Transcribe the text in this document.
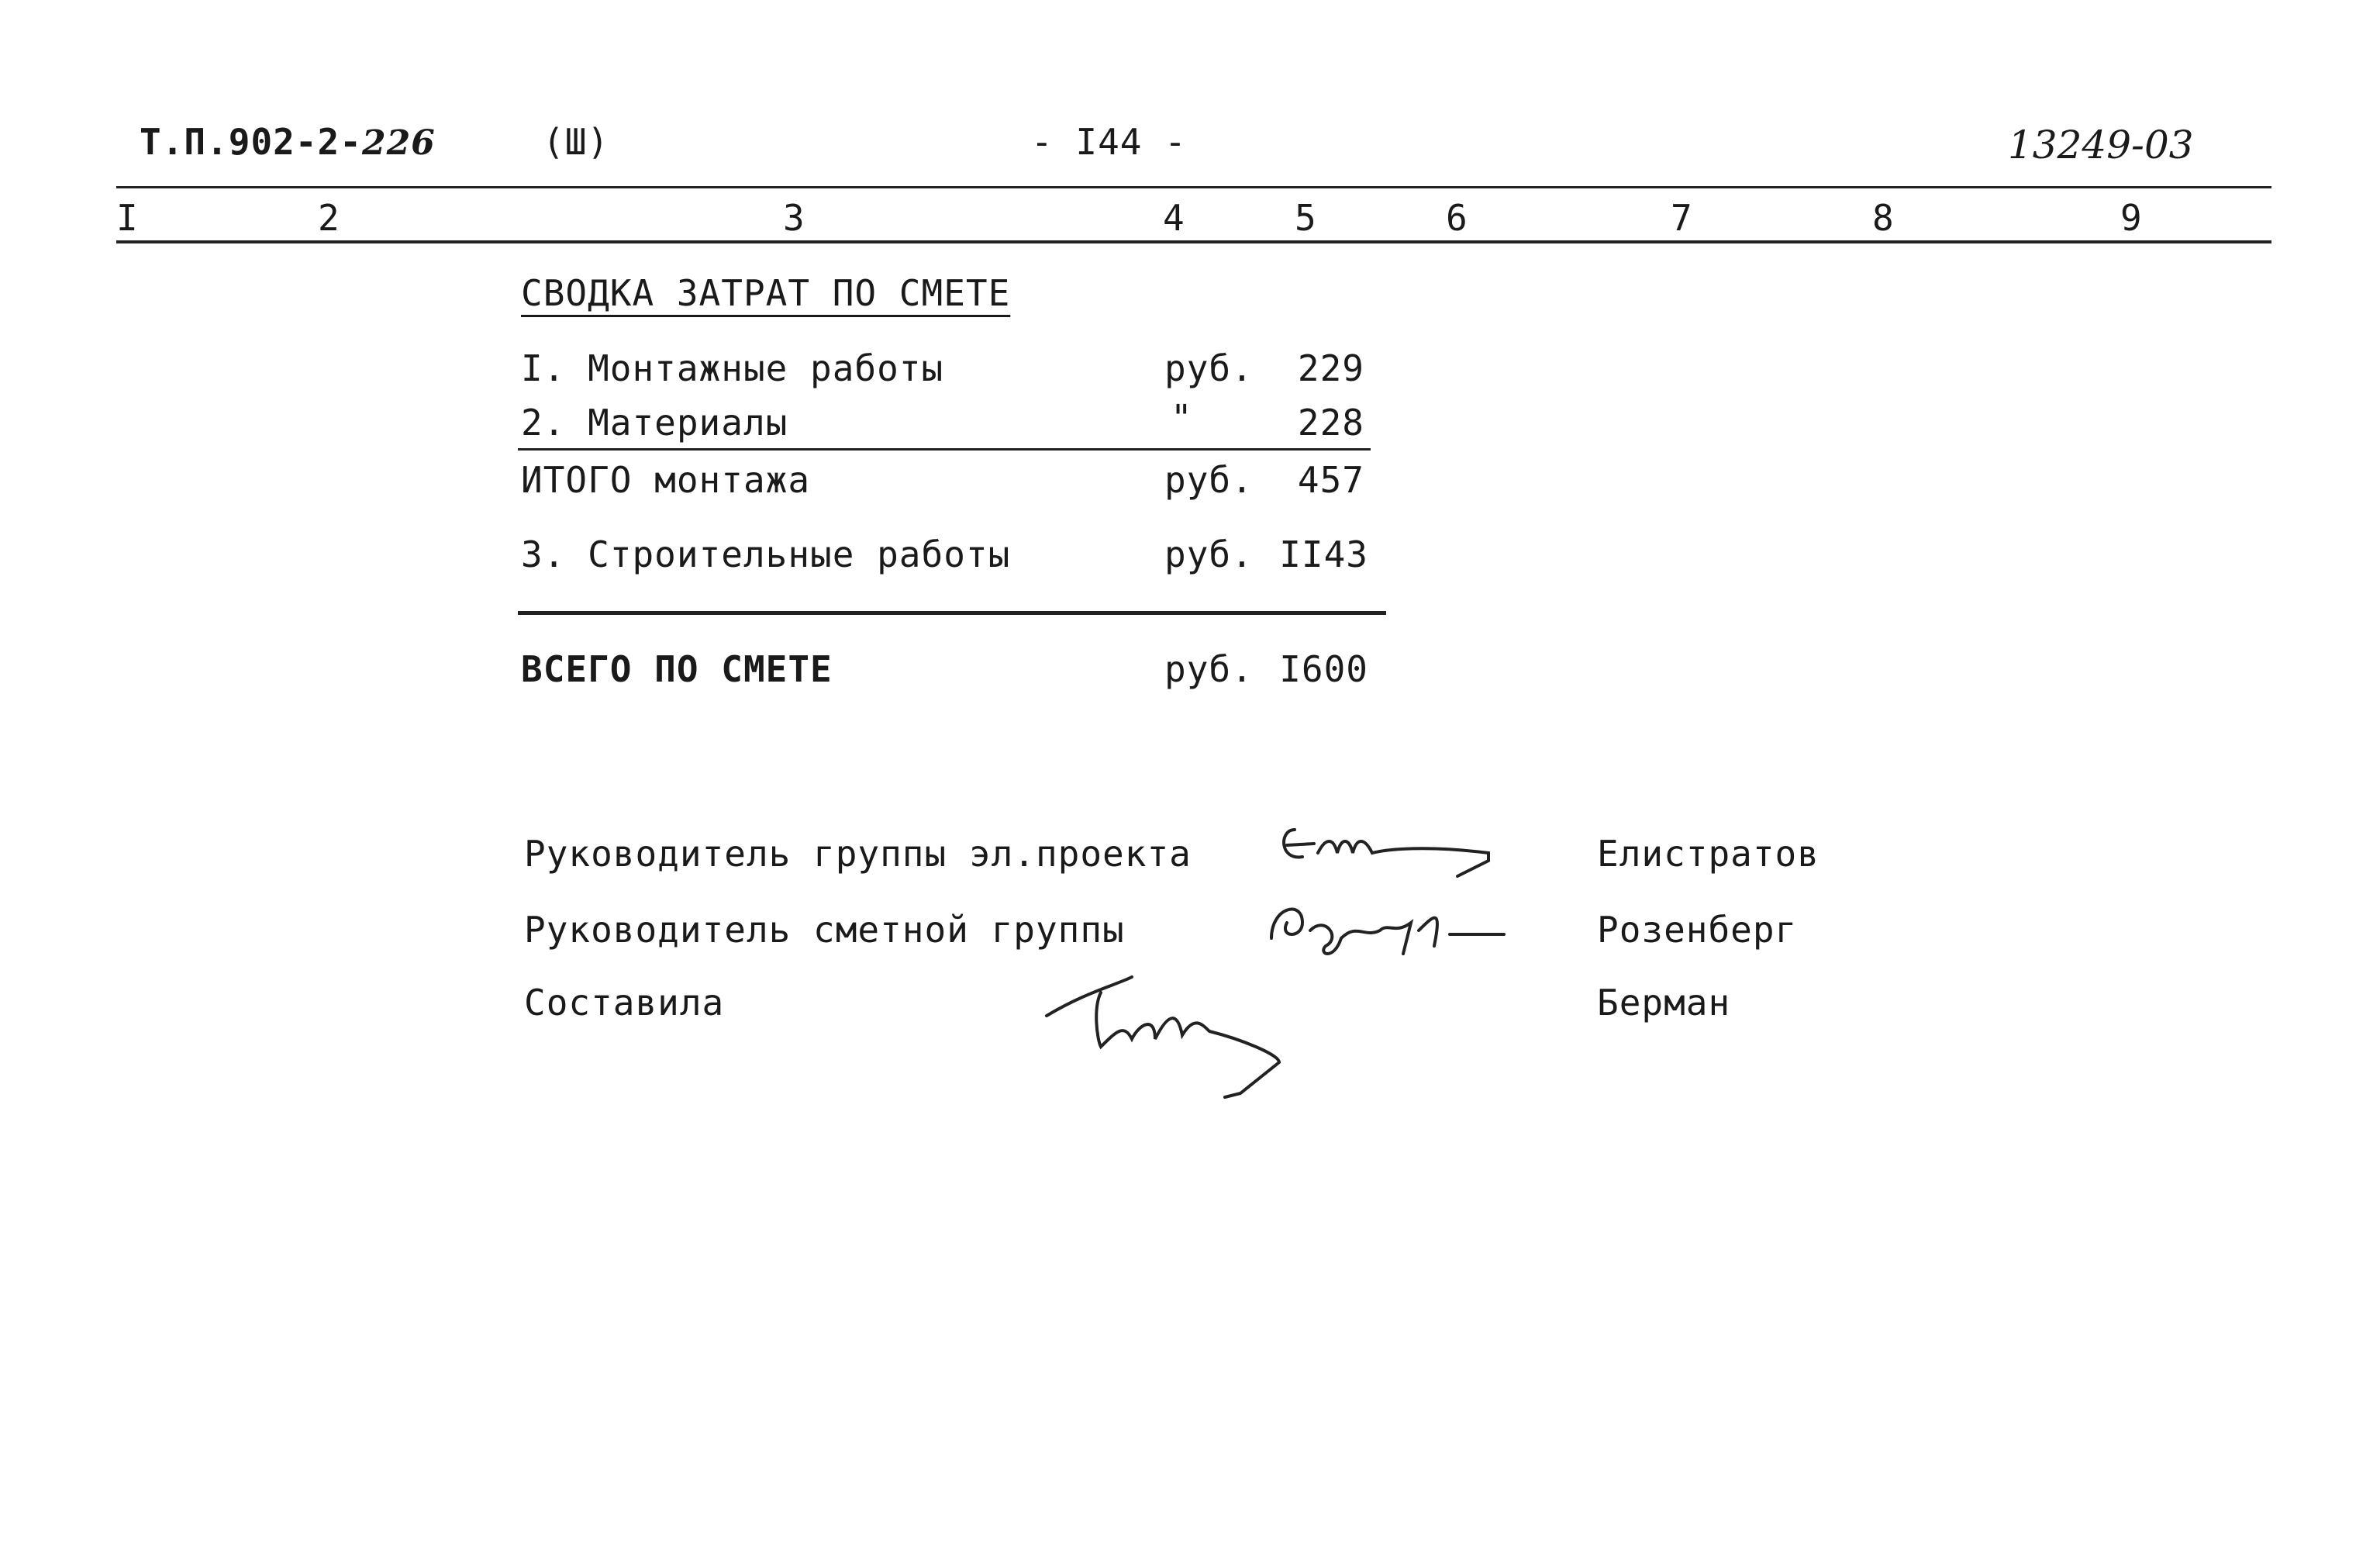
Т.П.902-2-226	(Ш)	- I44 -	13249-03
I	2	3	4	5	6	7	8	9
СВОДКА ЗАТРАТ ПО СМЕТЕ
I. Монтажные работы	руб.	229
2. Материалы	"	228
ИТОГО монтажа	руб.	457
3. Строительные работы	руб. II43
ВСЕГО ПО СМЕТЕ	руб. I600
Руководитель группы эл.проекта	Елистратов
Руководитель сметной группы	Розенберг
Составила	Берман
